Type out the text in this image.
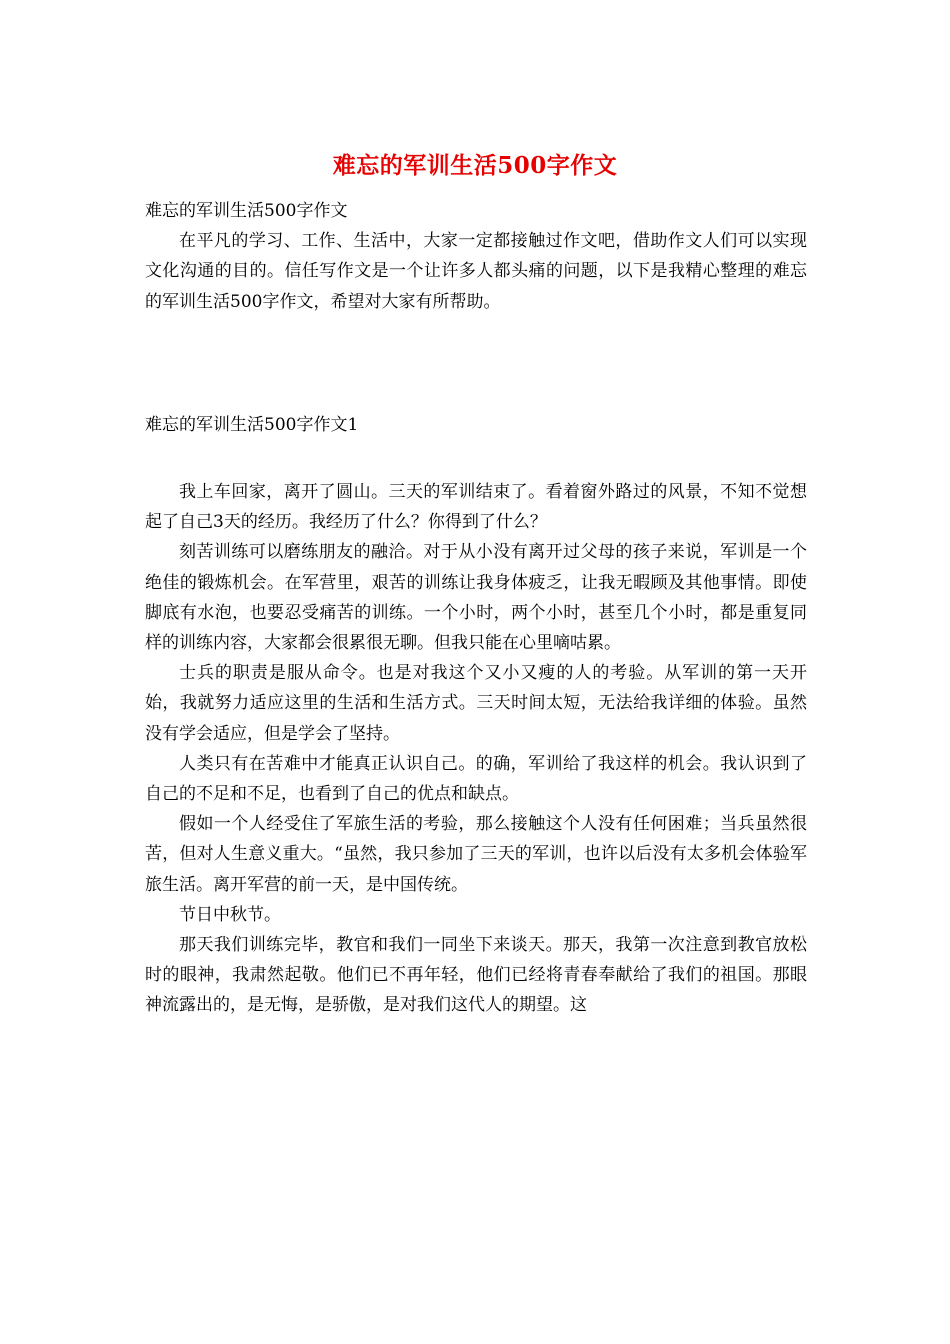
难忘的军训生活500字作文

难忘的军训生活500字作文

在平凡的学习、工作、生活中，大家一定都接触过作文吧，借助作文人们可以实现文化沟通的目的。信任写作文是一个让许多人都头痛的问题，以下是我精心整理的难忘的军训生活500字作文，希望对大家有所帮助。

难忘的军训生活500字作文1

我上车回家，离开了圆山。三天的军训结束了。看着窗外路过的风景，不知不觉想起了自己3天的经历。我经历了什么？你得到了什么？

刻苦训练可以磨练朋友的融洽。对于从小没有离开过父母的孩子来说，军训是一个绝佳的锻炼机会。在军营里，艰苦的训练让我身体疲乏，让我无暇顾及其他事情。即使脚底有水泡，也要忍受痛苦的训练。一个小时，两个小时，甚至几个小时，都是重复同样的训练内容，大家都会很累很无聊。但我只能在心里嘀咕累。

士兵的职责是服从命令。也是对我这个又小又瘦的人的考验。从军训的第一天开始，我就努力适应这里的生活和生活方式。三天时间太短，无法给我详细的体验。虽然没有学会适应，但是学会了坚持。

人类只有在苦难中才能真正认识自己。的确，军训给了我这样的机会。我认识到了自己的不足和不足，也看到了自己的优点和缺点。

假如一个人经受住了军旅生活的考验，那么接触这个人没有任何困难；当兵虽然很苦，但对人生意义重大。“虽然，我只参加了三天的军训，也许以后没有太多机会体验军旅生活。离开军营的前一天，是中国传统。

节日中秋节。

那天我们训练完毕，教官和我们一同坐下来谈天。那天，我第一次注意到教官放松时的眼神，我肃然起敬。他们已不再年轻，他们已经将青春奉献给了我们的祖国。那眼神流露出的，是无悔，是骄傲，是对我们这代人的期望。这
